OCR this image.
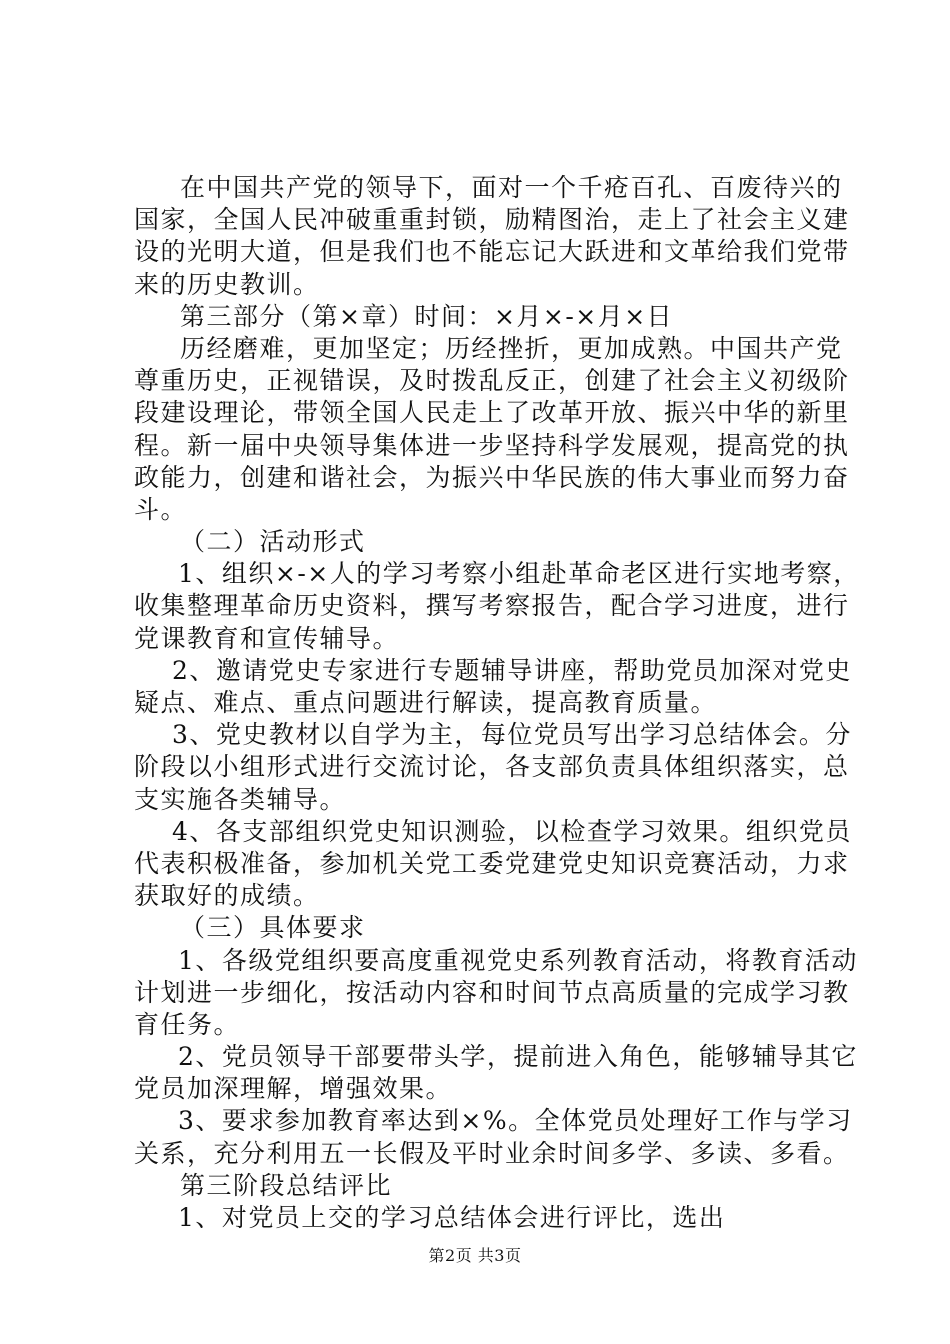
在中国共产党的领导下，面对一个千疮百孔、百废待兴的
国家，全国人民冲破重重封锁，励精图治，走上了社会主义建
设的光明大道，但是我们也不能忘记大跃进和文革给我们党带
来的历史教训。
第三部分（第×章）时间：×月×-×月×日
历经磨难，更加坚定；历经挫折，更加成熟。中国共产党
尊重历史，正视错误，及时拨乱反正，创建了社会主义初级阶
段建设理论，带领全国人民走上了改革开放、振兴中华的新里
程。新一届中央领导集体进一步坚持科学发展观，提高党的执
政能力，创建和谐社会，为振兴中华民族的伟大事业而努力奋
斗。
（二）活动形式
1、组织×-×人的学习考察小组赴革命老区进行实地考察，
收集整理革命历史资料，撰写考察报告，配合学习进度，进行
党课教育和宣传辅导。
2、邀请党史专家进行专题辅导讲座，帮助党员加深对党史
疑点、难点、重点问题进行解读，提高教育质量。
3、党史教材以自学为主，每位党员写出学习总结体会。分
阶段以小组形式进行交流讨论，各支部负责具体组织落实，总
支实施各类辅导。
4、各支部组织党史知识测验，以检查学习效果。组织党员
代表积极准备，参加机关党工委党建党史知识竞赛活动，力求
获取好的成绩。
（三）具体要求
1、各级党组织要高度重视党史系列教育活动，将教育活动
计划进一步细化，按活动内容和时间节点高质量的完成学习教
育任务。
2、党员领导干部要带头学，提前进入角色，能够辅导其它
党员加深理解，增强效果。
3、要求参加教育率达到×%。全体党员处理好工作与学习
关系，充分利用五一长假及平时业余时间多学、多读、多看。
第三阶段总结评比
1、对党员上交的学习总结体会进行评比，选出
第2页 共3页
